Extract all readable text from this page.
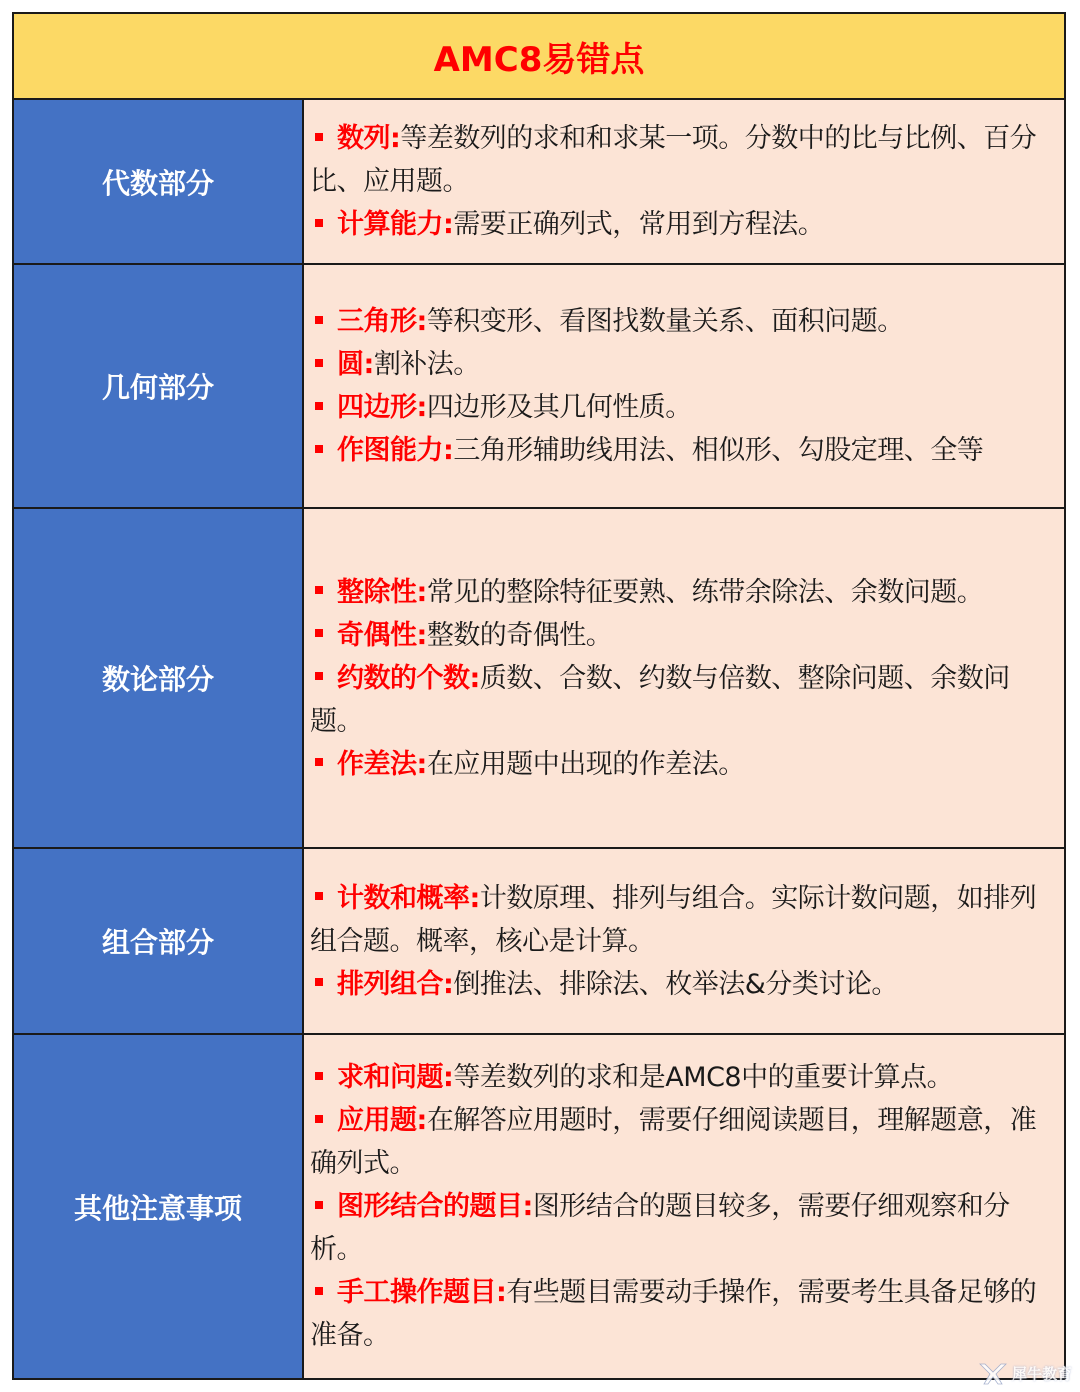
AMC8易错点
代数部分
数列:等差数列的求和和求某一项。分数中的比与比例、百分比、应用题。
计算能力:需要正确列式，常用到方程法。
几何部分
三角形:等积变形、看图找数量关系、面积问题。
圆:割补法。
四边形:四边形及其几何性质。
作图能力:三角形辅助线用法、相似形、勾股定理、全等
数论部分
整除性:常见的整除特征要熟、练带余除法、余数问题。
奇偶性:整数的奇偶性。
约数的个数:质数、合数、约数与倍数、整除问题、余数问题。
作差法:在应用题中出现的作差法。
组合部分
计数和概率:计数原理、排列与组合。实际计数问题，如排列组合题。概率，核心是计算。
排列组合:倒推法、排除法、枚举法&分类讨论。
其他注意事项
求和问题:等差数列的求和是AMC8中的重要计算点。
应用题:在解答应用题时，需要仔细阅读题目，理解题意，准确列式。
图形结合的题目:图形结合的题目较多，需要仔细观察和分析。
手工操作题目:有些题目需要动手操作，需要考生具备足够的准备。
犀牛教育
